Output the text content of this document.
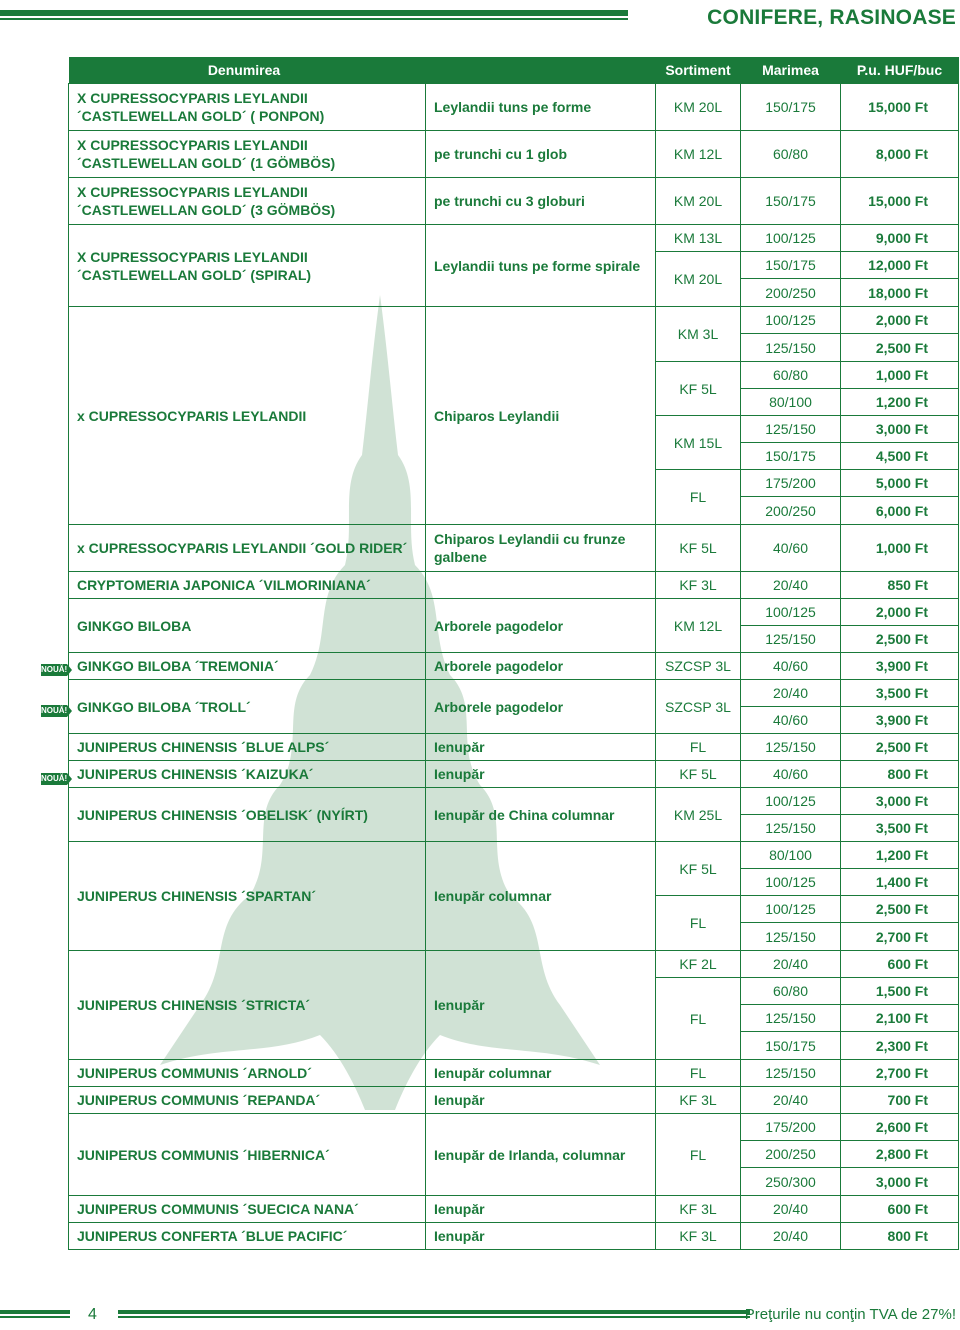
CONIFERE, RASINOASE
Denumirea		Sortiment	Marimea	P.u. HUF/buc
X CUPRESSOCYPARIS LEYLANDII ´CASTLEWELLAN GOLD´ ( PONPON)	Leylandii tuns pe forme	KM 20L	150/175	15,000 Ft
X CUPRESSOCYPARIS LEYLANDII ´CASTLEWELLAN GOLD´ (1 GÖMBÖS)	pe trunchi cu 1 glob	KM 12L	60/80	8,000 Ft
X CUPRESSOCYPARIS LEYLANDII ´CASTLEWELLAN GOLD´ (3 GÖMBÖS)	pe trunchi cu 3 globuri	KM 20L	150/175	15,000 Ft
X CUPRESSOCYPARIS LEYLANDII ´CASTLEWELLAN GOLD´ (SPIRAL)	Leylandii tuns pe forme spirale	KM 13L	100/125	9,000 Ft
		KM 20L	150/175	12,000 Ft
			200/250	18,000 Ft
x CUPRESSOCYPARIS LEYLANDII	Chiparos Leylandii	KM 3L	100/125	2,000 Ft
			125/150	2,500 Ft
		KF 5L	60/80	1,000 Ft
			80/100	1,200 Ft
		KM 15L	125/150	3,000 Ft
			150/175	4,500 Ft
		FL	175/200	5,000 Ft
			200/250	6,000 Ft
x CUPRESSOCYPARIS LEYLANDII ´GOLD RIDER´	Chiparos Leylandii cu frunze galbene	KF 5L	40/60	1,000 Ft
CRYPTOMERIA JAPONICA ´VILMORINIANA´		KF 3L	20/40	850 Ft
GINKGO BILOBA	Arborele pagodelor	KM 12L	100/125	2,000 Ft
			125/150	2,500 Ft
GINKGO BILOBA ´TREMONIA´	Arborele pagodelor	SZCSP 3L	40/60	3,900 Ft
GINKGO BILOBA ´TROLL´	Arborele pagodelor	SZCSP 3L	20/40	3,500 Ft
			40/60	3,900 Ft
JUNIPERUS CHINENSIS ´BLUE ALPS´	Ienupăr	FL	125/150	2,500 Ft
JUNIPERUS CHINENSIS ´KAIZUKA´	Ienupăr	KF 5L	40/60	800 Ft
JUNIPERUS CHINENSIS ´OBELISK´ (NYÍRT)	Ienupăr de China columnar	KM 25L	100/125	3,000 Ft
			125/150	3,500 Ft
JUNIPERUS CHINENSIS ´SPARTAN´	Ienupăr columnar	KF 5L	80/100	1,200 Ft
			100/125	1,400 Ft
		FL	100/125	2,500 Ft
			125/150	2,700 Ft
JUNIPERUS CHINENSIS ´STRICTA´	Ienupăr	KF 2L	20/40	600 Ft
		FL	60/80	1,500 Ft
			125/150	2,100 Ft
			150/175	2,300 Ft
JUNIPERUS COMMUNIS ´ARNOLD´	Ienupăr columnar	FL	125/150	2,700 Ft
JUNIPERUS COMMUNIS ´REPANDA´	Ienupăr	KF 3L	20/40	700 Ft
JUNIPERUS COMMUNIS ´HIBERNICA´	Ienupăr de Irlanda, columnar	FL	175/200	2,600 Ft
			200/250	2,800 Ft
			250/300	3,000 Ft
JUNIPERUS COMMUNIS ´SUECICA NANA´	Ienupăr	KF 3L	20/40	600 Ft
JUNIPERUS CONFERTA ´BLUE PACIFIC´	Ienupăr	KF 3L	20/40	800 Ft
NOUĂ!
NOUĂ!
NOUĂ!
4	Preţurile nu conţin TVA de 27%!
